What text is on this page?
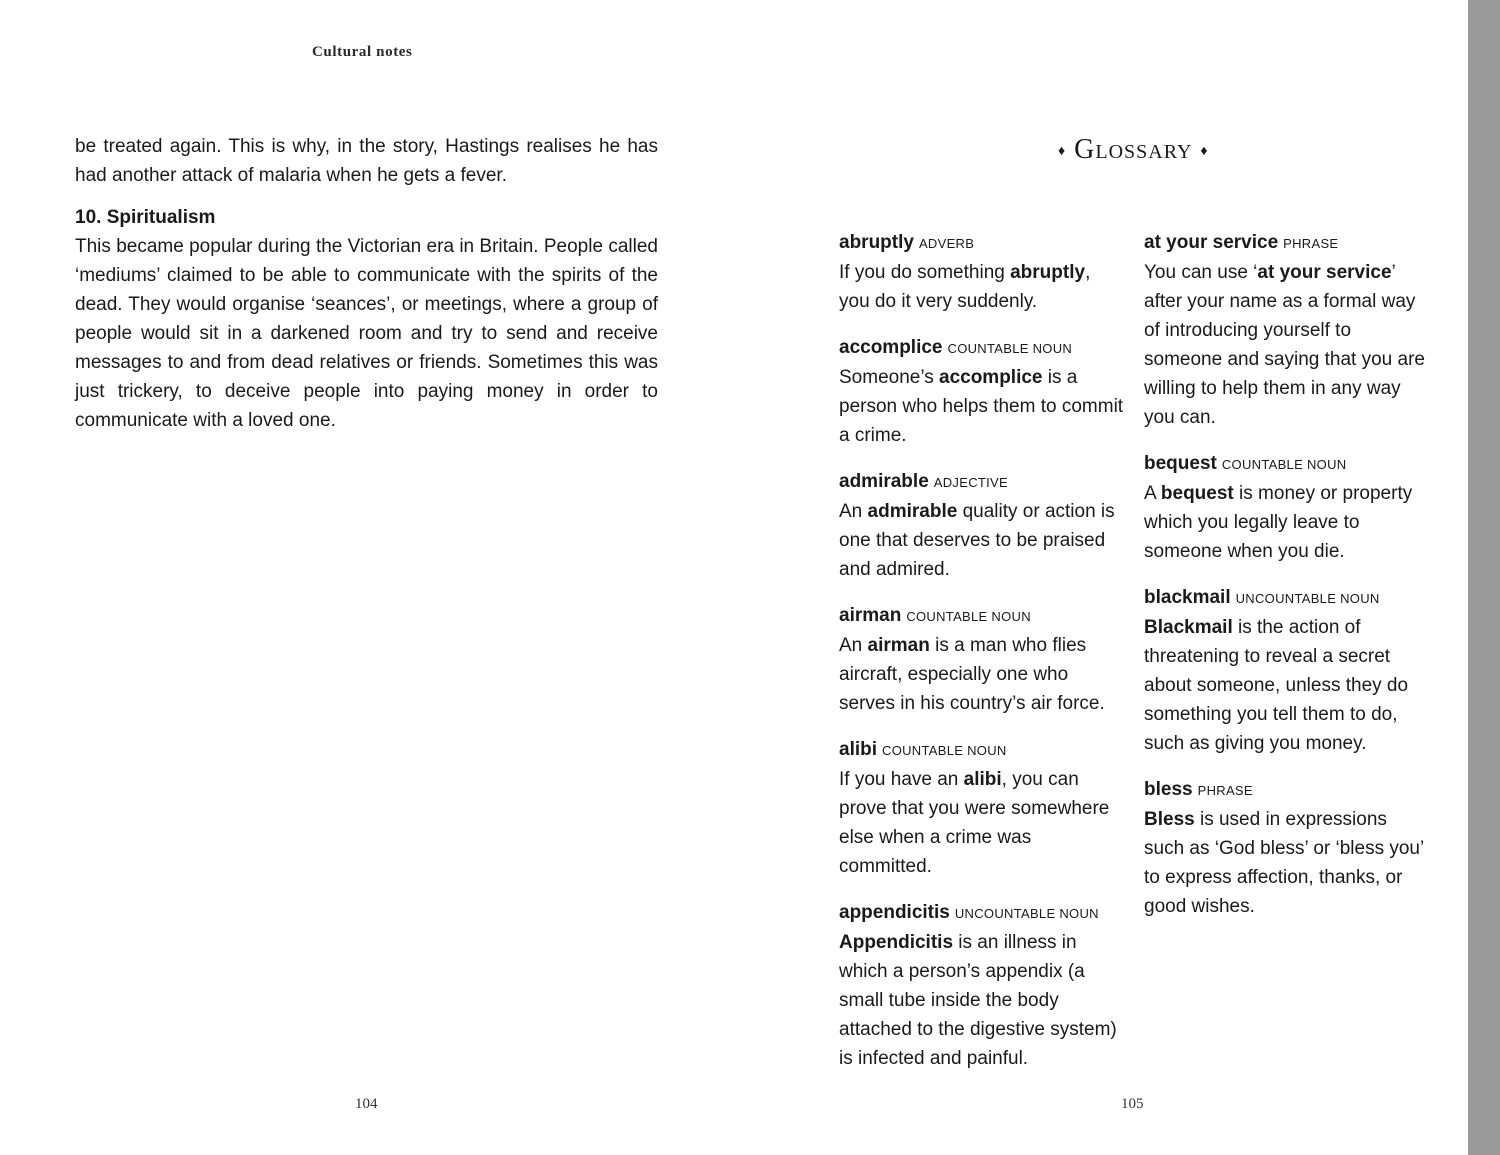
Cultural notes

be treated again. This is why, in the story, Hastings realises he has had another attack of malaria when he gets a fever.

10. Spiritualism

This became popular during the Victorian era in Britain. People called ‘mediums’ claimed to be able to communicate with the spirits of the dead. They would organise ‘seances’, or meetings, where a group of people would sit in a darkened room and try to send and receive messages to and from dead relatives or friends. Sometimes this was just trickery, to deceive people into paying money in order to communicate with a loved one.

104
♦ Glossary ♦
abruptly ADVERB
If you do something abruptly, you do it very suddenly.
accomplice COUNTABLE NOUN
Someone’s accomplice is a person who helps them to commit a crime.
admirable ADJECTIVE
An admirable quality or action is one that deserves to be praised and admired.
airman COUNTABLE NOUN
An airman is a man who flies aircraft, especially one who serves in his country’s air force.
alibi COUNTABLE NOUN
If you have an alibi, you can prove that you were somewhere else when a crime was committed.
appendicitis UNCOUNTABLE NOUN
Appendicitis is an illness in which a person’s appendix (a small tube inside the body attached to the digestive system) is infected and painful.
at your service PHRASE
You can use ‘at your service’ after your name as a formal way of introducing yourself to someone and saying that you are willing to help them in any way you can.
bequest COUNTABLE NOUN
A bequest is money or property which you legally leave to someone when you die.
blackmail UNCOUNTABLE NOUN
Blackmail is the action of threatening to reveal a secret about someone, unless they do something you tell them to do, such as giving you money.
bless PHRASE
Bless is used in expressions such as ‘God bless’ or ‘bless you’ to express affection, thanks, or good wishes.
105
